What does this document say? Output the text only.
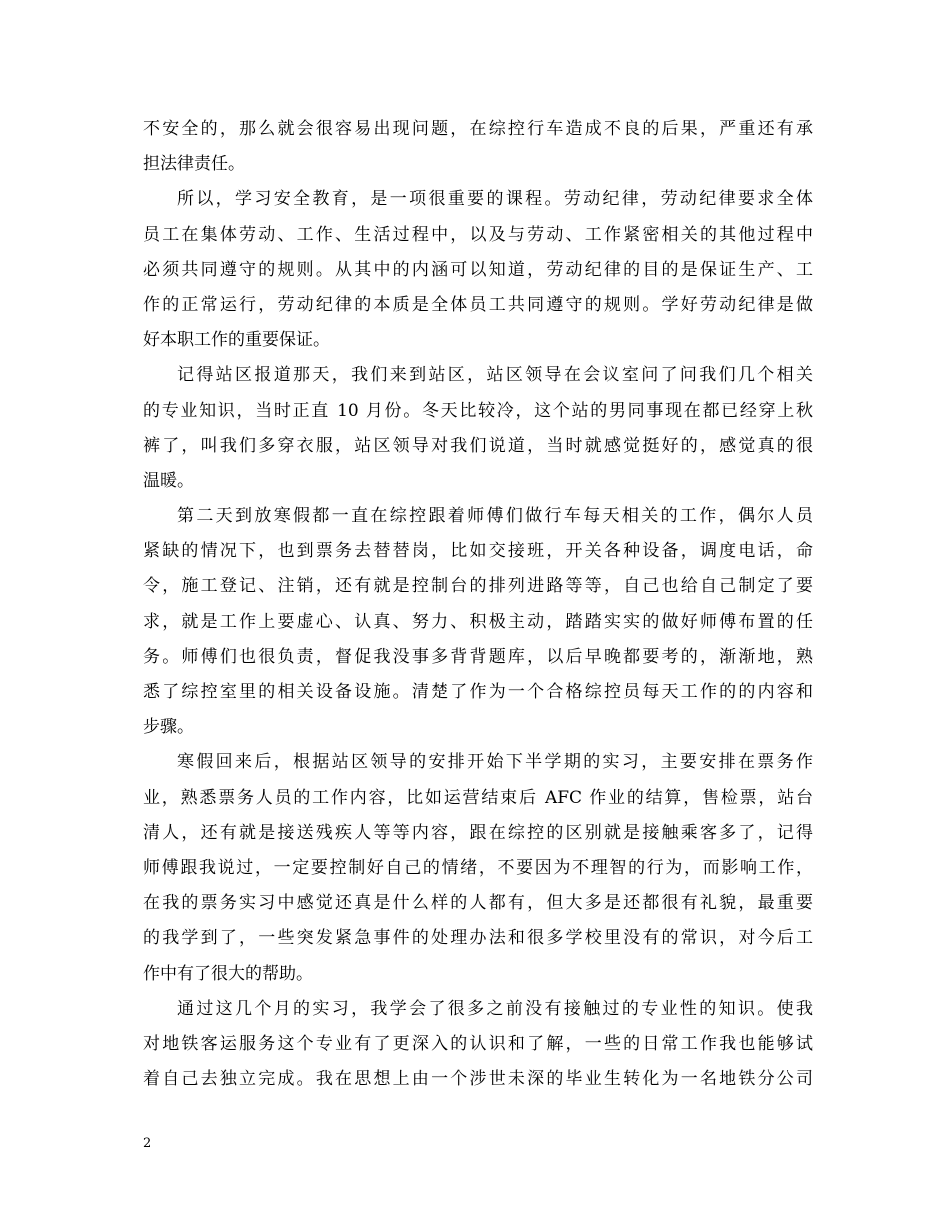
不安全的，那么就会很容易出现问题，在综控行车造成不良的后果，严重还有承
担法律责任。
所以，学习安全教育，是一项很重要的课程。劳动纪律，劳动纪律要求全体
员工在集体劳动、工作、生活过程中，以及与劳动、工作紧密相关的其他过程中
必须共同遵守的规则。从其中的内涵可以知道，劳动纪律的目的是保证生产、工
作的正常运行，劳动纪律的本质是全体员工共同遵守的规则。学好劳动纪律是做
好本职工作的重要保证。
记得站区报道那天，我们来到站区，站区领导在会议室问了问我们几个相关
的专业知识，当时正直 10 月份。冬天比较冷，这个站的男同事现在都已经穿上秋
裤了，叫我们多穿衣服，站区领导对我们说道，当时就感觉挺好的，感觉真的很
温暖。
第二天到放寒假都一直在综控跟着师傅们做行车每天相关的工作，偶尔人员
紧缺的情况下，也到票务去替替岗，比如交接班，开关各种设备，调度电话，命
令，施工登记、注销，还有就是控制台的排列进路等等，自己也给自己制定了要
求，就是工作上要虚心、认真、努力、积极主动，踏踏实实的做好师傅布置的任
务。师傅们也很负责，督促我没事多背背题库，以后早晚都要考的，渐渐地，熟
悉了综控室里的相关设备设施。清楚了作为一个合格综控员每天工作的的内容和
步骤。
寒假回来后，根据站区领导的安排开始下半学期的实习，主要安排在票务作
业，熟悉票务人员的工作内容，比如运营结束后 AFC 作业的结算，售检票，站台
清人，还有就是接送残疾人等等内容，跟在综控的区别就是接触乘客多了，记得
师傅跟我说过，一定要控制好自己的情绪，不要因为不理智的行为，而影响工作，
在我的票务实习中感觉还真是什么样的人都有，但大多是还都很有礼貌，最重要
的我学到了，一些突发紧急事件的处理办法和很多学校里没有的常识，对今后工
作中有了很大的帮助。
通过这几个月的实习，我学会了很多之前没有接触过的专业性的知识。使我
对地铁客运服务这个专业有了更深入的认识和了解，一些的日常工作我也能够试
着自己去独立完成。我在思想上由一个涉世未深的毕业生转化为一名地铁分公司
2
